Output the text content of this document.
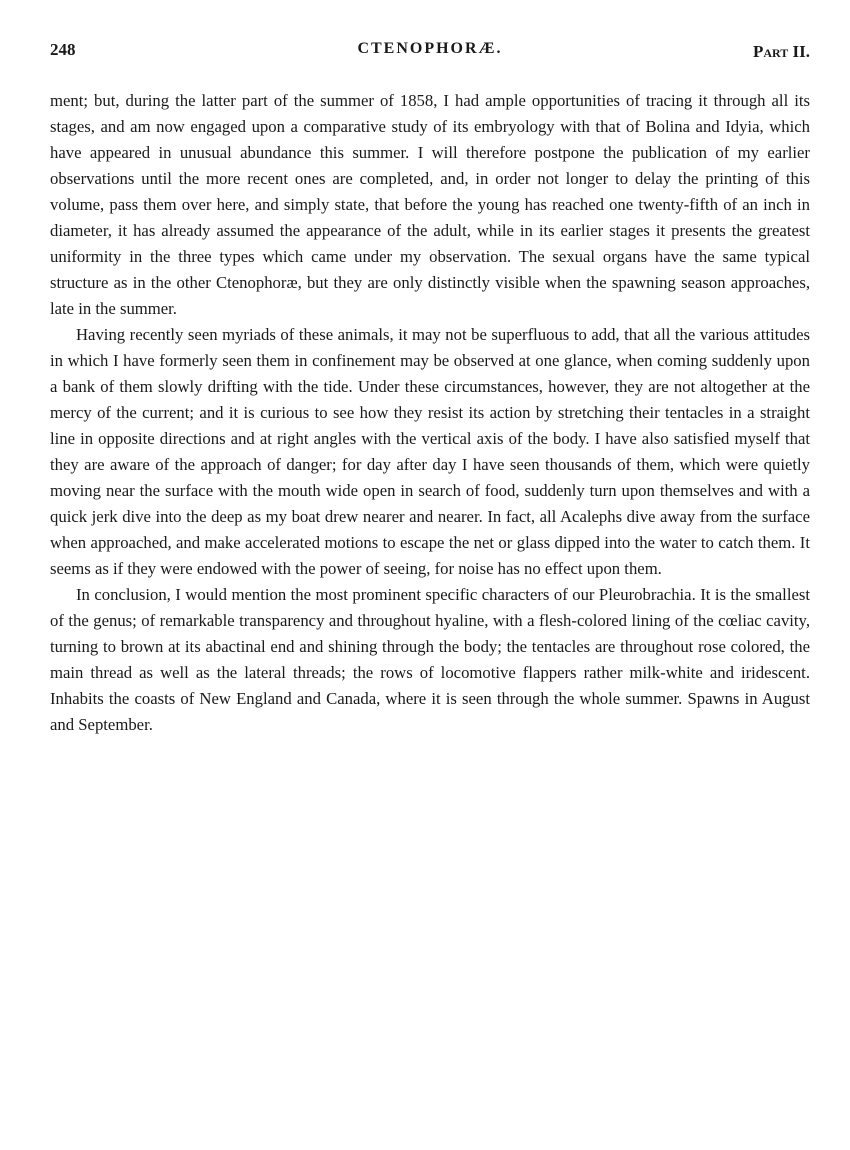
248	CTENOPHORÆ.	Part II.

ment; but, during the latter part of the summer of 1858, I had ample opportunities of tracing it through all its stages, and am now engaged upon a comparative study of its embryology with that of Bolina and Idyia, which have appeared in unusual abundance this summer. I will therefore postpone the publication of my earlier observations until the more recent ones are completed, and, in order not longer to delay the printing of this volume, pass them over here, and simply state, that before the young has reached one twenty-fifth of an inch in diameter, it has already assumed the appearance of the adult, while in its earlier stages it presents the greatest uniformity in the three types which came under my observation. The sexual organs have the same typical structure as in the other Ctenophoræ, but they are only distinctly visible when the spawning season approaches, late in the summer.

Having recently seen myriads of these animals, it may not be superfluous to add, that all the various attitudes in which I have formerly seen them in confinement may be observed at one glance, when coming suddenly upon a bank of them slowly drifting with the tide. Under these circumstances, however, they are not altogether at the mercy of the current; and it is curious to see how they resist its action by stretching their tentacles in a straight line in opposite directions and at right angles with the vertical axis of the body. I have also satisfied myself that they are aware of the approach of danger; for day after day I have seen thousands of them, which were quietly moving near the surface with the mouth wide open in search of food, suddenly turn upon themselves and with a quick jerk dive into the deep as my boat drew nearer and nearer. In fact, all Acalephs dive away from the surface when approached, and make accelerated motions to escape the net or glass dipped into the water to catch them. It seems as if they were endowed with the power of seeing, for noise has no effect upon them.

In conclusion, I would mention the most prominent specific characters of our Pleurobrachia. It is the smallest of the genus; of remarkable transparency and throughout hyaline, with a flesh-colored lining of the cœliac cavity, turning to brown at its abactinal end and shining through the body; the tentacles are throughout rose colored, the main thread as well as the lateral threads; the rows of locomotive flappers rather milk-white and iridescent. Inhabits the coasts of New England and Canada, where it is seen through the whole summer. Spawns in August and September.
